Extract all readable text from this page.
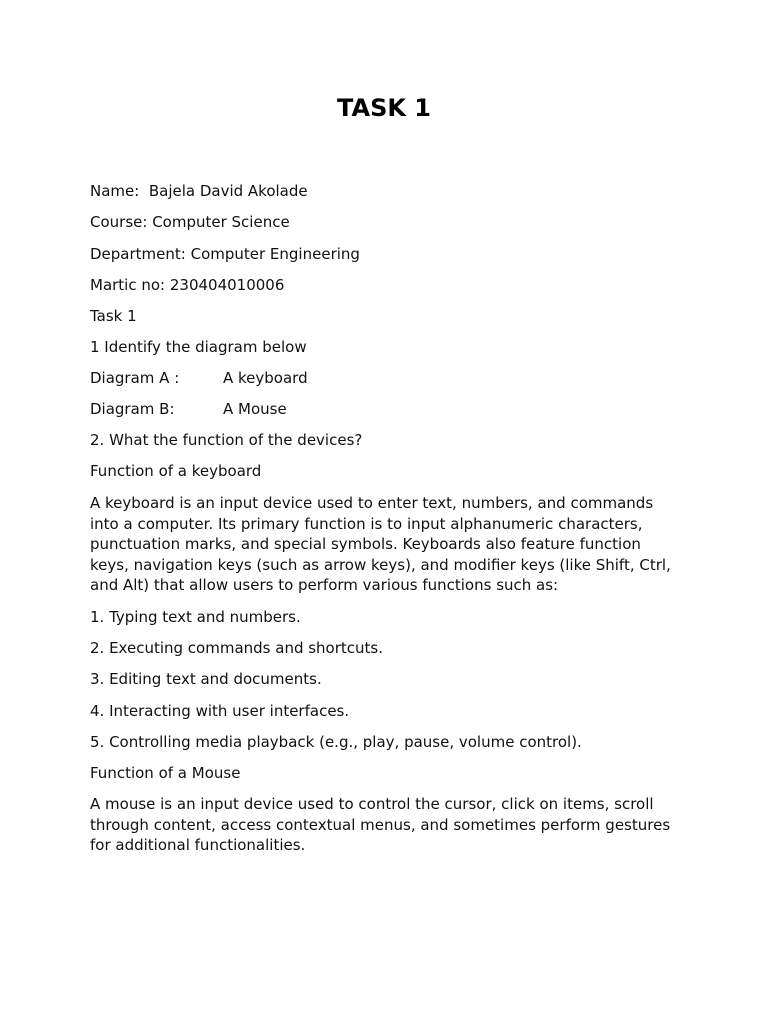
TASK 1
Name:  Bajela David Akolade
Course: Computer Science
Department: Computer Engineering
Martic no: 230404010006
Task 1
1 Identify the diagram below
Diagram A :	A keyboard
Diagram B:	A Mouse
2. What the function of the devices?
Function of a keyboard
A keyboard is an input device used to enter text, numbers, and commands into a computer. Its primary function is to input alphanumeric characters, punctuation marks, and special symbols. Keyboards also feature function keys, navigation keys (such as arrow keys), and modifier keys (like Shift, Ctrl, and Alt) that allow users to perform various functions such as:
1. Typing text and numbers.
2. Executing commands and shortcuts.
3. Editing text and documents.
4. Interacting with user interfaces.
5. Controlling media playback (e.g., play, pause, volume control).
Function of a Mouse
A mouse is an input device used to control the cursor, click on items, scroll through content, access contextual menus, and sometimes perform gestures for additional functionalities.
